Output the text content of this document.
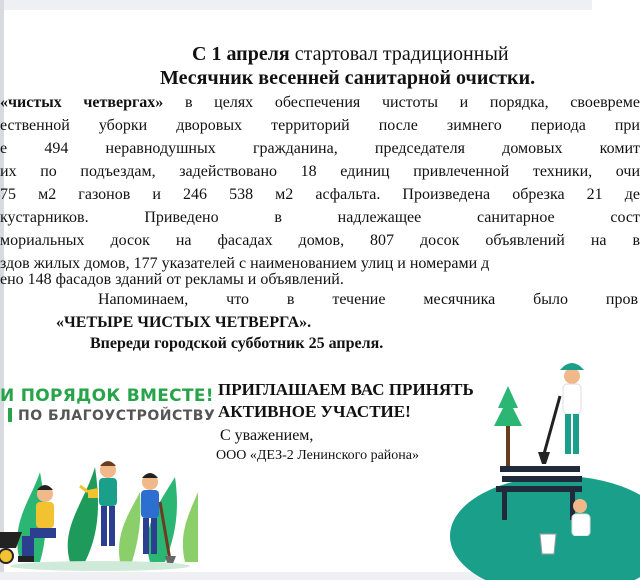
С 1 апреля стартовал традиционный
Месячник весенней санитарной очистки.
«чистых четвергах» в целях обеспечения чистоты и порядка, своевреме
ественной уборки дворовых территорий после зимнего периода при
е 494 неравнодушных гражданина, председателя домовых комит
их по подъездам, задействовано 18 единиц привлеченной техники, очи
75 м2 газонов и 246 538 м2 асфальта. Произведена обрезка 21 де
кустарников. Приведено в надлежащее санитарное сост
мориальных досок на фасадах домов, 807 досок объявлений на в
здов жилых домов, 177 указателей с наименованием улиц и номерами д
ено 148 фасадов зданий от рекламы и объявлений.
Напоминаем, что в течение месячника было пров
«ЧЕТЫРЕ ЧИСТЫХ ЧЕТВЕРГА».
Впереди городской субботник 25 апреля.
И ПОРЯДОК ВМЕСТЕ!
ПО БЛАГОУСТРОЙСТВУ
ПРИГЛАШАЕМ ВАС ПРИНЯТЬ
АКТИВНОЕ УЧАСТИЕ!
С уважением,
ООО «ДЕЗ-2 Ленинского района»
